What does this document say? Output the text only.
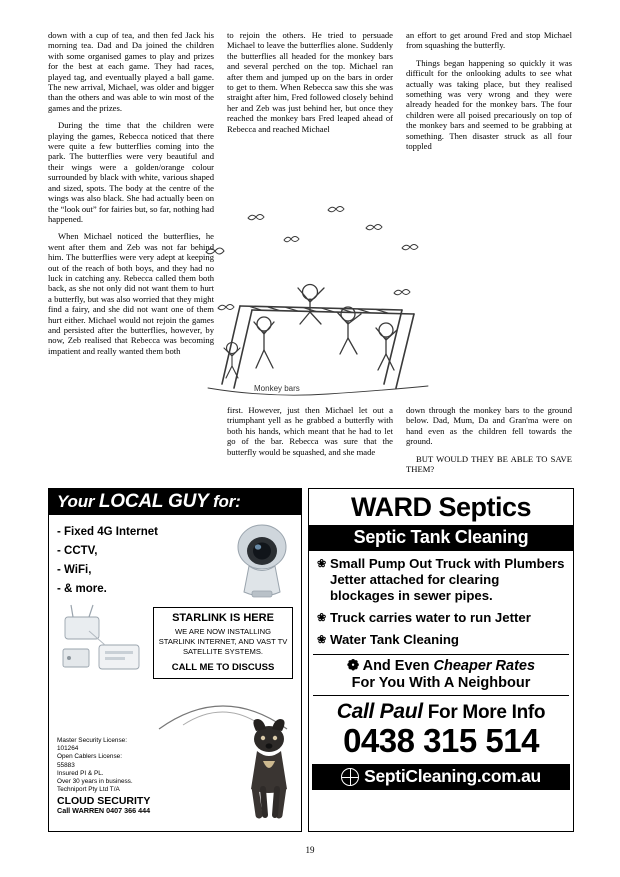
down with a cup of tea, and then fed Jack his morning tea. Dad and Da joined the children with some organised games to play and prizes for the best at each game. They had races, played tag, and eventually played a ball game. The new arrival, Michael, was older and bigger than the others and was able to win most of the games and the prizes.

During the time that the children were playing the games, Rebecca noticed that there were quite a few butterflies coming into the park. The butterflies were very beautiful and their wings were a golden/orange colour surrounded by black with white, various shaped and sized, spots. The body at the centre of the wings was also black. She had actually been on the “look out” for fairies but, so far, nothing had happened.

When Michael noticed the butterflies, he went after them and Zeb was not far behind him. The butterflies were very adept at keeping out of the reach of both boys, and they had no luck in catching any. Rebecca called them both back, as she not only did not want them to hurt a butterfly, but was also worried that they might find a fairy, and she did not want one of them hurt either. Michael would not rejoin the games and persisted after the butterflies, however, by now, Zeb realised that Rebecca was becoming impatient and really wanted them both

to rejoin the others. He tried to persuade Michael to leave the butterflies alone. Suddenly the butterflies all headed for the monkey bars and several perched on the top. Michael ran after them and jumped up on the bars in order to get to them. When Rebecca saw this she was straight after him, Fred followed closely behind her and Zeb was just behind her, but once they reached the monkey bars Fred leaped ahead of Rebecca and reached Michael

an effort to get around Fred and stop Michael from squashing the butterfly.

Things began happening so quickly it was difficult for the onlooking adults to see what actually was taking place, but they realised something was very wrong and they were already headed for the monkey bars. The four children were all poised precariously on top of the monkey bars and seemed to be grabbing at something. Then disaster struck as all four toppled

Monkey bars

first. However, just then Michael let out a triumphant yell as he grabbed a butterfly with both his hands, which meant that he had to let go of the bar. Rebecca was sure that the butterfly would be squashed, and she made

down through the monkey bars to the ground below. Dad, Mum, Da and Gran'ma were on hand even as the children fell towards the ground.

BUT WOULD THEY BE ABLE TO SAVE THEM?

Your LOCAL GUY for:
- Fixed 4G Internet
- CCTV,
- WiFi,
- & more.
STARLINK IS HERE
WE ARE NOW INSTALLING STARLINK INTERNET, AND VAST TV SATELLITE SYSTEMS.
CALL ME TO DISCUSS
Master Security License:
101264
Open Cablers License:
55883
Insured PI & PL.
Over 30 years in business.
Techniport Pty Ltd T/A
CLOUD SECURITY
Call WARREN 0407 366 444
WARD Septics
Septic Tank Cleaning
❀ Small Pump Out Truck with Plumbers Jetter attached for clearing blockages in sewer pipes.
❀ Truck carries water to run Jetter
❀ Water Tank Cleaning
❁ And Even Cheaper Rates
For You With A Neighbour
Call Paul For More Info
0438 315 514
SeptiCleaning.com.au
19
